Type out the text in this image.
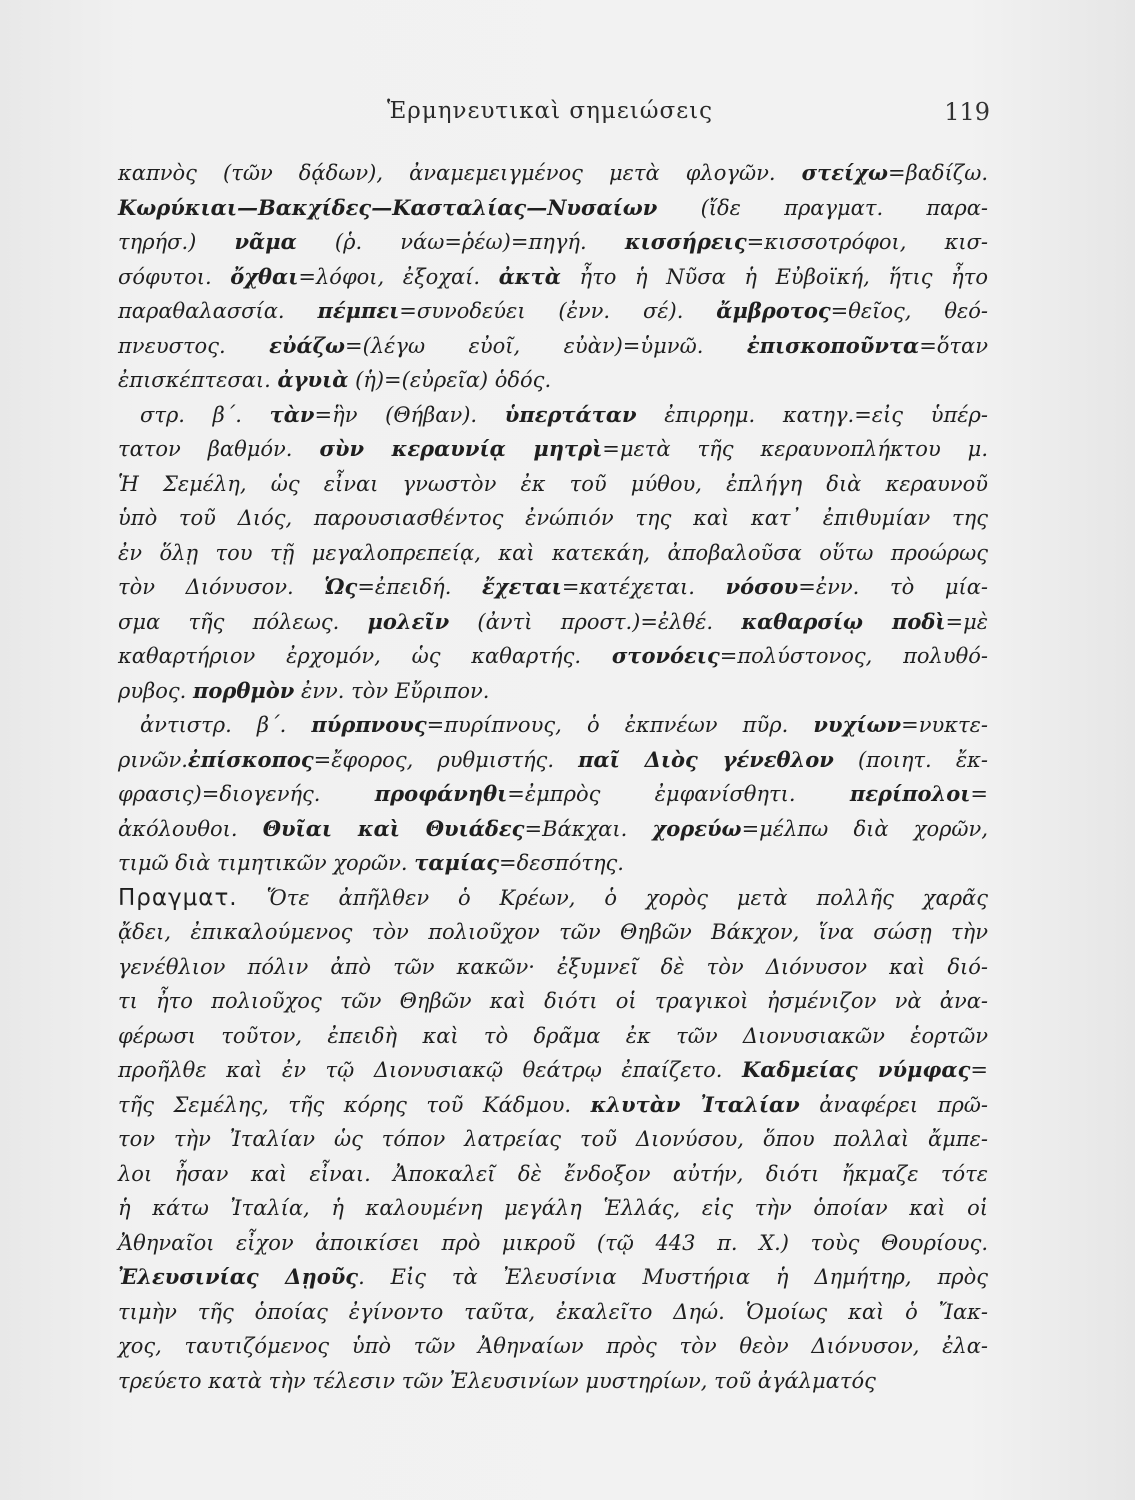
Ἑρμηνευτικαὶ σημειώσεις	119
καπνὸς (τῶν δᾴδων), ἀναμεμειγμένος μετὰ φλογῶν. στείχω=βαδίζω.
Κωρύκιαι—Βακχίδες—Κασταλίας—Νυσαίων (ἴδε πραγματ. παρα-
τηρήσ.) νᾶμα (ῥ. νάω=ῥέω)=πηγή. κισσήρεις=κισσοτρόφοι, κισ-
σόφυτοι. ὄχθαι=λόφοι, ἐξοχαί. ἀκτὰ ἦτο ἡ Νῦσα ἡ Εὐβοϊκή, ἥτις ἦτο
παραθαλασσία. πέμπει=συνοδεύει (ἐνν. σέ). ἄμβροτος=θεῖος, θεό-
πνευστος. εὐάζω=(λέγω εὐοῖ, εὐὰν)=ὑμνῶ. ἐπισκοποῦντα=ὅταν
ἐπισκέπτεσαι. ἀγυιὰ (ἡ)=(εὐρεῖα) ὁδός.
στρ. β΄. τὰν=ἣν (Θήβαν). ὑπερτάταν ἐπιρρημ. κατηγ.=εἰς ὑπέρ-
τατον βαθμόν. σὺν κεραυνίᾳ μητρὶ=μετὰ τῆς κεραυνοπλήκτου μ.
Ἡ Σεμέλη, ὡς εἶναι γνωστὸν ἐκ τοῦ μύθου, ἐπλήγη διὰ κεραυνοῦ
ὑπὸ τοῦ Διός, παρουσιασθέντος ἐνώπιόν της καὶ κατ᾽ ἐπιθυμίαν της
ἐν ὅλῃ του τῇ μεγαλοπρεπείᾳ, καὶ κατεκάη, ἀποβαλοῦσα οὕτω προώρως
τὸν Διόνυσον. Ὡς=ἐπειδή. ἔχεται=κατέχεται. νόσου=ἐνν. τὸ μία-
σμα τῆς πόλεως. μολεῖν (ἀντὶ προστ.)=ἐλθέ. καθαρσίῳ ποδὶ=μὲ
καθαρτήριον ἐρχομόν, ὡς καθαρτής. στονόεις=πολύστονος, πολυθό-
ρυβος. πορθμὸν ἐνν. τὸν Εὔριπον.
ἀντιστρ. β΄. πύρπνους=πυρίπνους, ὁ ἐκπνέων πῦρ. νυχίων=νυκτε-
ρινῶν.ἐπίσκοπος=ἔφορος, ρυθμιστής. παῖ Διὸς γένεθλον (ποιητ. ἔκ-
φρασις)=διογενής. προφάνηθι=ἐμπρὸς ἐμφανίσθητι. περίπολοι=
ἀκόλουθοι. Θυῖαι καὶ Θυιάδες=Βάκχαι. χορεύω=μέλπω διὰ χορῶν,
τιμῶ διὰ τιμητικῶν χορῶν. ταμίας=δεσπότης.
Πραγματ. Ὅτε ἀπῆλθεν ὁ Κρέων, ὁ χορὸς μετὰ πολλῆς χαρᾶς
ᾄδει, ἐπικαλούμενος τὸν πολιοῦχον τῶν Θηβῶν Βάκχον, ἵνα σώσῃ τὴν
γενέθλιον πόλιν ἀπὸ τῶν κακῶν· ἐξυμνεῖ δὲ τὸν Διόνυσον καὶ διό-
τι ἦτο πολιοῦχος τῶν Θηβῶν καὶ διότι οἱ τραγικοὶ ἠσμένιζον νὰ ἀνα-
φέρωσι τοῦτον, ἐπειδὴ καὶ τὸ δρᾶμα ἐκ τῶν Διονυσιακῶν ἑορτῶν
προῆλθε καὶ ἐν τῷ Διονυσιακῷ θεάτρῳ ἐπαίζετο. Καδμείας νύμφας=
τῆς Σεμέλης, τῆς κόρης τοῦ Κάδμου. κλυτὰν Ἰταλίαν ἀναφέρει πρῶ-
τον τὴν Ἰταλίαν ὡς τόπον λατρείας τοῦ Διονύσου, ὅπου πολλαὶ ἄμπε-
λοι ἦσαν καὶ εἶναι. Ἀποκαλεῖ δὲ ἔνδοξον αὐτήν, διότι ἤκμαζε τότε
ἡ κάτω Ἰταλία, ἡ καλουμένη μεγάλη Ἑλλάς, εἰς τὴν ὁποίαν καὶ οἱ
Ἀθηναῖοι εἶχον ἀποικίσει πρὸ μικροῦ (τῷ 443 π. Χ.) τοὺς Θουρίους.
Ἐλευσινίας Δῃοῦς. Εἰς τὰ Ἐλευσίνια Μυστήρια ἡ Δημήτηρ, πρὸς
τιμὴν τῆς ὁποίας ἐγίνοντο ταῦτα, ἐκαλεῖτο Δηώ. Ὁμοίως καὶ ὁ Ἴακ-
χος, ταυτιζόμενος ὑπὸ τῶν Ἀθηναίων πρὸς τὸν θεὸν Διόνυσον, ἐλα-
τρεύετο κατὰ τὴν τέλεσιν τῶν Ἐλευσινίων μυστηρίων, τοῦ ἀγάλματός
